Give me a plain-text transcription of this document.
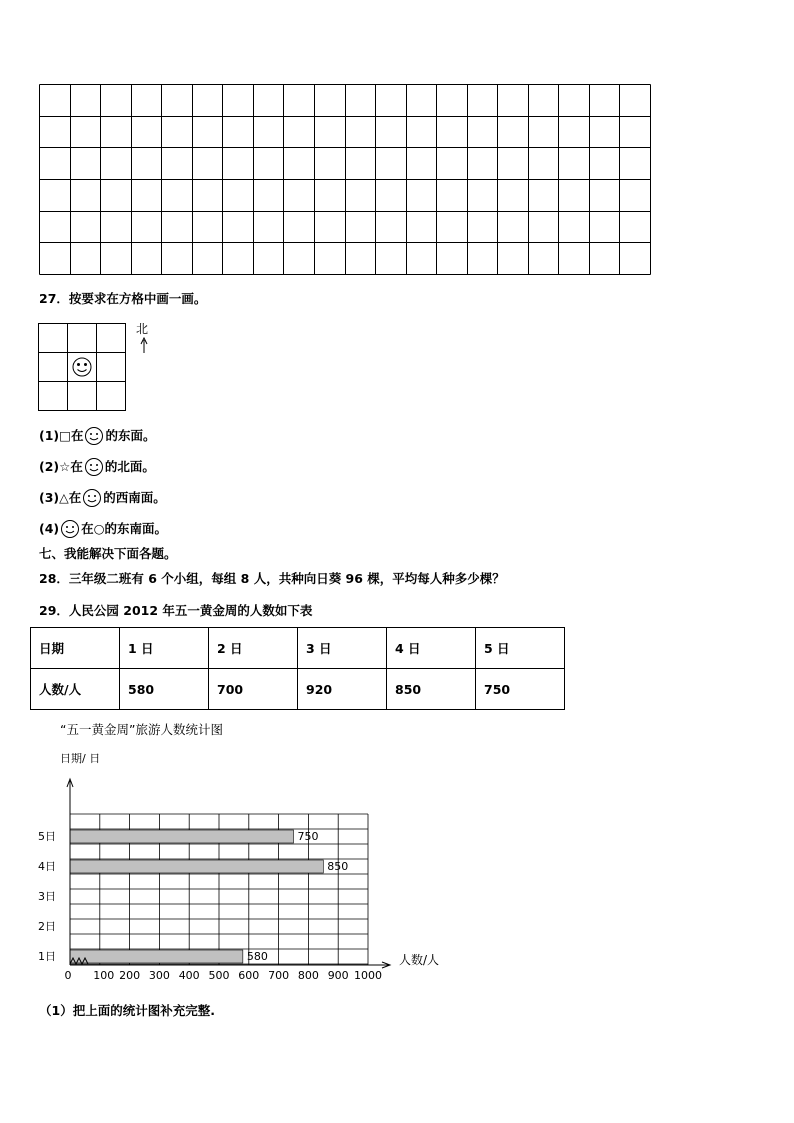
27．按要求在方格中画一画。
北
(1) □ 在 的东面。
(2) ☆ 在 的北面。
(3) △ 在 的西南面。
(4) 在○的东南面。
七、我能解决下面各题。
28．三年级二班有 6 个小组，每组 8 人，共种向日葵 96 棵，平均每人种多少棵？
29．人民公园 2012 年五一黄金周的人数如下表
日期	1 日	2 日	3 日	4 日	5 日
人数/人	580	700	920	850	750
“五一黄金周”旅游人数统计图
日期/ 日
人数/人
1日	580
2日
3日
4日	850
5日	750
0 100 200 300 400 500 600 700 800 900 1000
（1）把上面的统计图补充完整.
